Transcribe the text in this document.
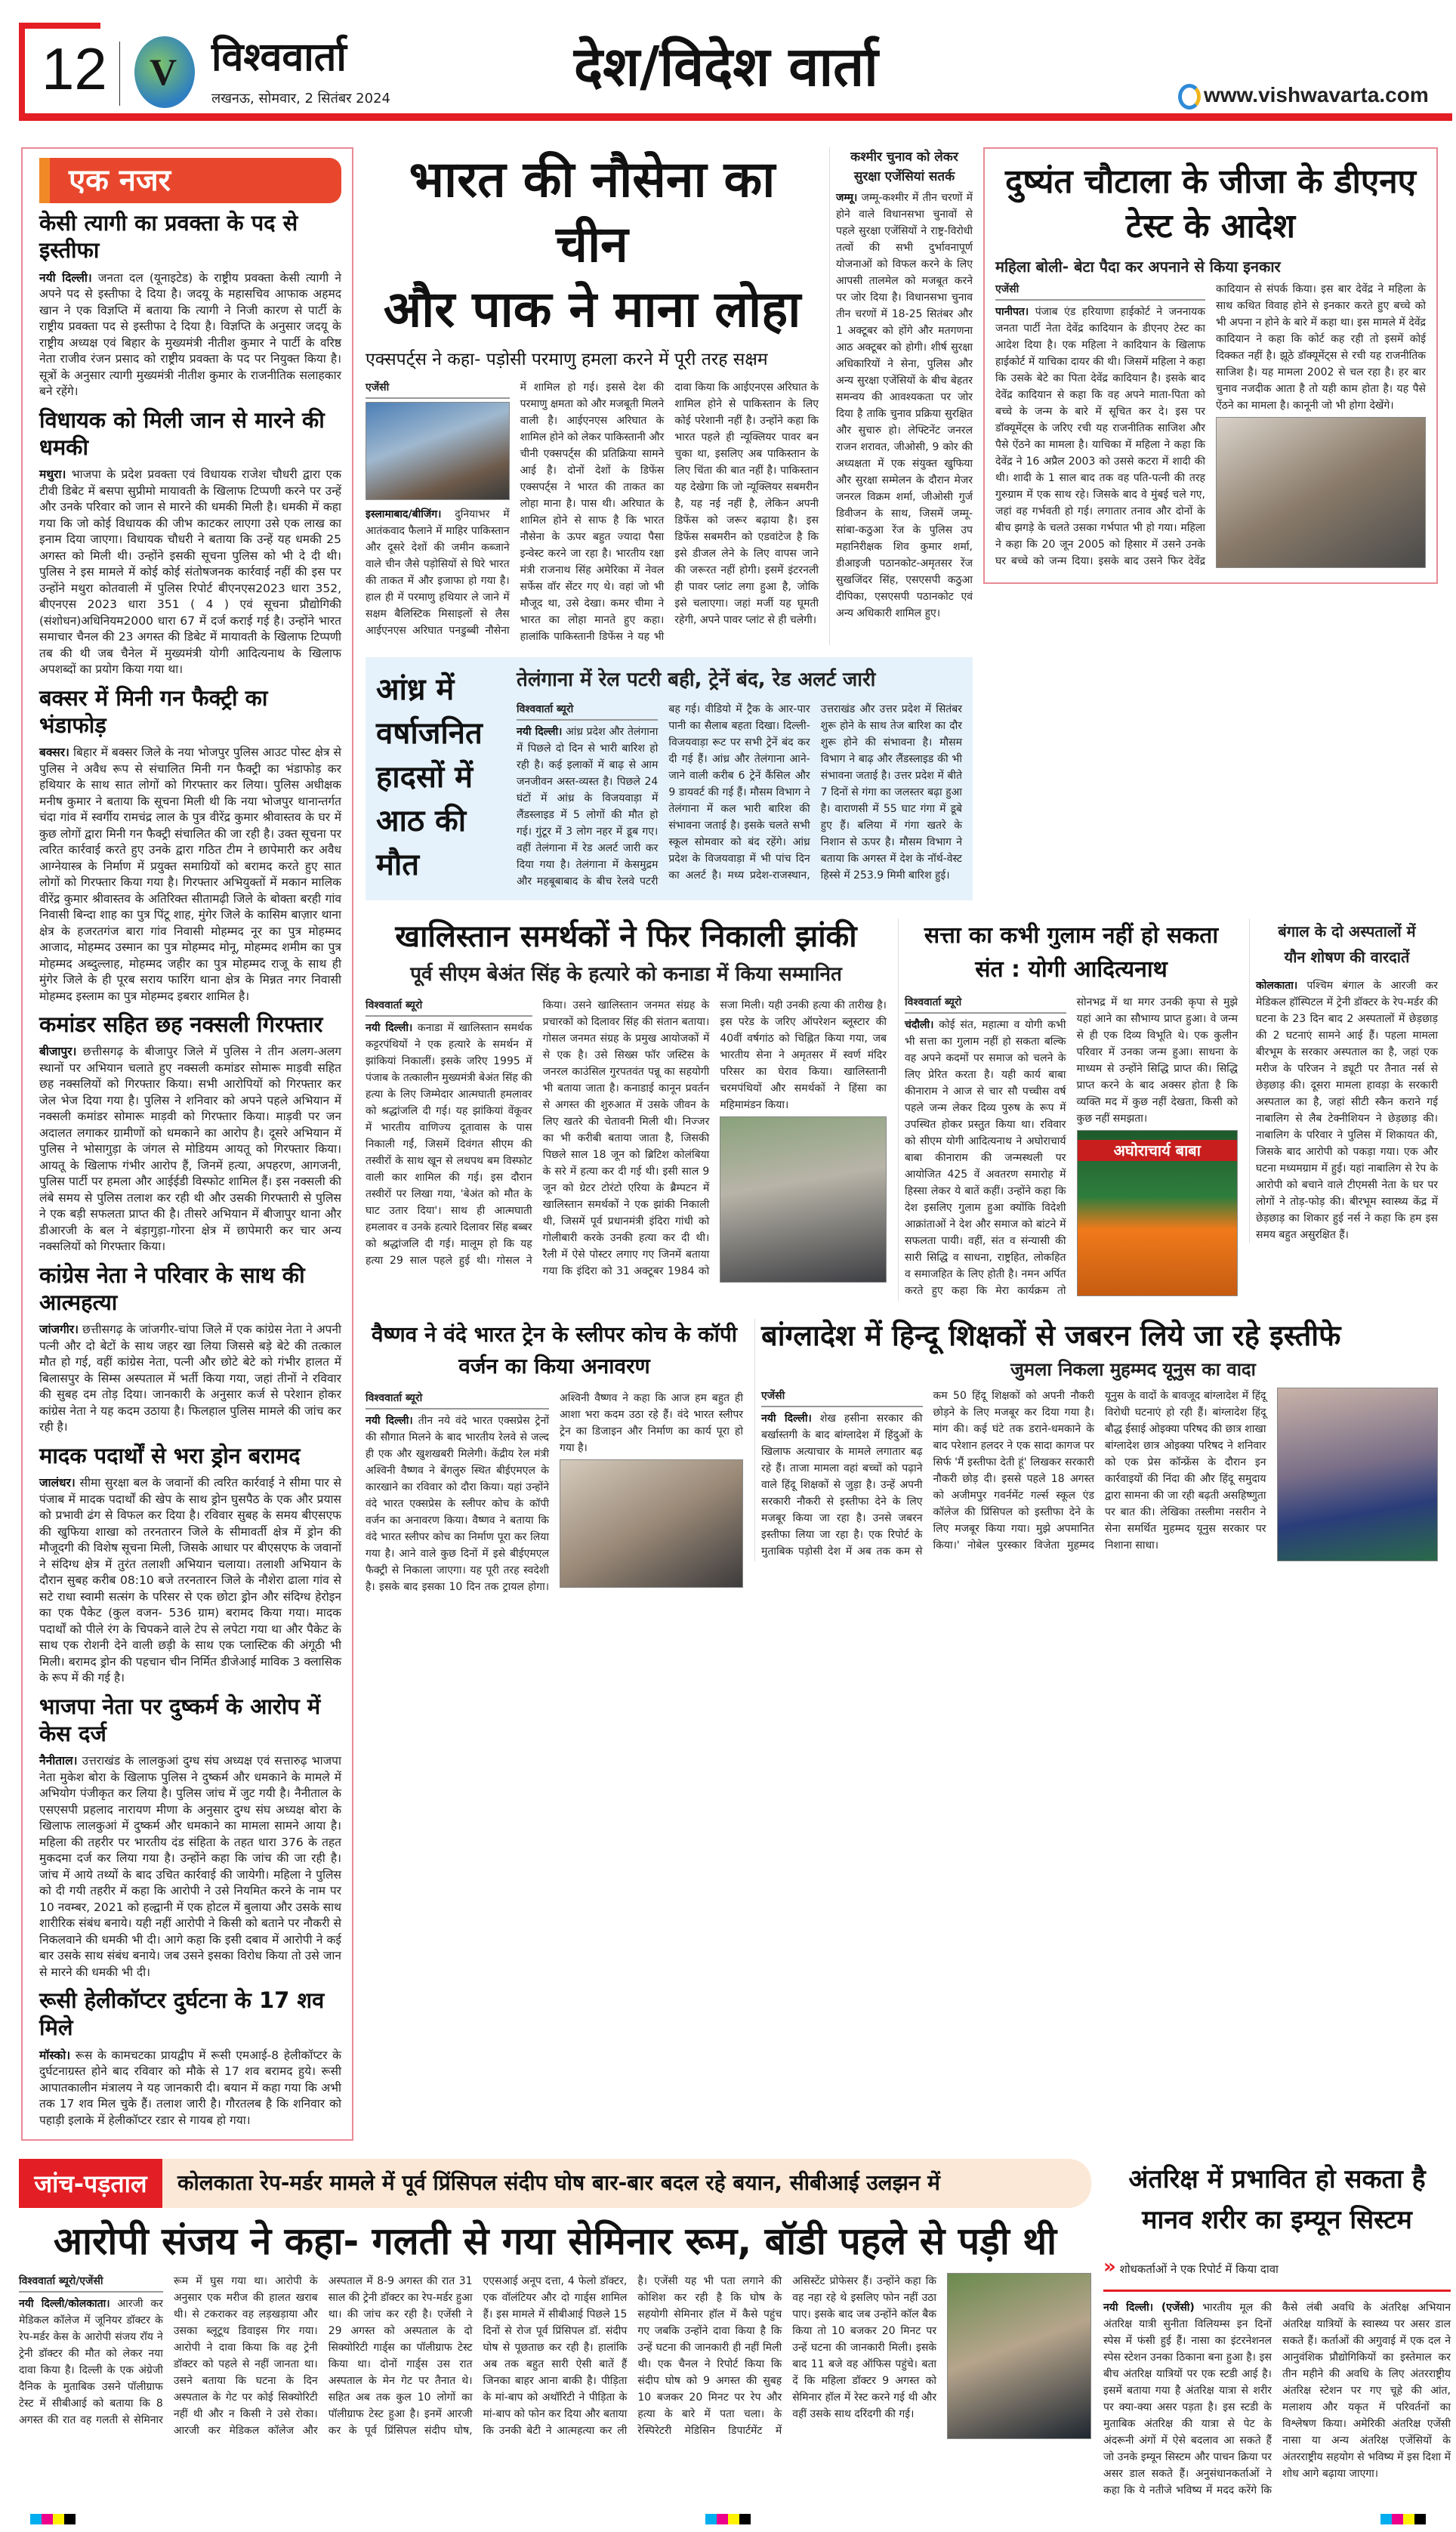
12 V विश्ववार्ता
लखनऊ, सोमवार, 2 सितंबर 2024
देश/विदेश वार्ता	www.vishwavarta.com
एक नजर
केसी त्यागी का प्रवक्ता के पद से इस्तीफा
नयी दिल्ली। जनता दल (यूनाइटेड) के राष्ट्रीय प्रवक्ता केसी त्यागी ने अपने पद से इस्तीफा दे दिया है। जदयू के महासचिव आफाक अहमद खान ने एक विज्ञप्ति में बताया कि त्यागी ने निजी कारण से पार्टी के राष्ट्रीय प्रवक्ता पद से इस्तीफा दे दिया है। विज्ञप्ति के अनुसार जदयू के राष्ट्रीय अध्यक्ष एवं बिहार के मुख्यमंत्री नीतीश कुमार ने पार्टी के वरिष्ठ नेता राजीव रंजन प्रसाद को राष्ट्रीय प्रवक्ता के पद पर नियुक्त किया है। सूत्रों के अनुसार त्यागी मुख्यमंत्री नीतीश कुमार के राजनीतिक सलाहकार बने रहेंगे।
विधायक को मिली जान से मारने की धमकी
मथुरा। भाजपा के प्रदेश प्रवक्ता एवं विधायक राजेश चौधरी द्वारा एक टीवी डिबेट में बसपा सुप्रीमो मायावती के खिलाफ टिप्पणी करने पर उन्हें और उनके परिवार को जान से मारने की धमकी मिली है। धमकी में कहा गया कि जो कोई विधायक की जीभ काटकर लाएगा उसे एक लाख का इनाम दिया जाएगा। विधायक चौधरी ने बताया कि उन्हें यह धमकी 25 अगस्त को मिली थी। उन्होंने इसकी सूचना पुलिस को भी दे दी थी। पुलिस ने इस मामले में कोई कोई संतोषजनक कार्रवाई नहीं की इस पर उन्होंने मथुरा कोतवाली में पुलिस रिपोर्ट बीएनएस2023 धारा 352, बीएनएस 2023 धारा 351 ( 4 ) एवं सूचना प्रौद्योगिकी (संशोधन)अधिनियम2000 धारा 67 में दर्ज कराई गई है। उन्होंने भारत समाचार चैनल की 23 अगस्त की डिबेट में मायावती के खिलाफ टिप्पणी तब की थी जब चैनेल में मुख्यमंत्री योगी आदित्यनाथ के खिलाफ अपशब्दों का प्रयोग किया गया था।
बक्सर में मिनी गन फैक्ट्री का भंडाफोड़
बक्सर। बिहार में बक्सर जिले के नया भोजपुर पुलिस आउट पोस्ट क्षेत्र से पुलिस ने अवैध रूप से संचालित मिनी गन फैक्ट्री का भंडाफोड़ कर हथियार के साथ सात लोगों को गिरफ्तार कर लिया। पुलिस अधीक्षक मनीष कुमार ने बताया कि सूचना मिली थी कि नया भोजपुर थानान्तर्गत चंदा गांव में स्वर्गीय रामचंद्र लाल के पुत्र वीरेंद्र कुमार श्रीवास्तव के घर में कुछ लोगों द्वारा मिनी गन फैक्ट्री संचालित की जा रही है। उक्त सूचना पर त्वरित कार्रवाई करते हुए उनके द्वारा गठित टीम ने छापेमारी कर अवैध आग्नेयास्त्र के निर्माण में प्रयुक्त समाग्रियों को बरामद करते हुए सात लोगों को गिरफ्तार किया गया है। गिरफ्तार अभियुक्तों में मकान मालिक वीरेंद्र कुमार श्रीवास्तव के अतिरिक्त सीतामढ़ी जिले के बोक्ता बरही गांव निवासी बिन्दा शाह का पुत्र पिंटू शाह, मुंगेर जिले के कासिम बाज़ार थाना क्षेत्र के हजरतगंज बारा गांव निवासी मोहम्मद नूर का पुत्र मोहम्मद आजाद, मोहम्मद उस्मान का पुत्र मोहम्मद मोनू, मोहम्मद शमीम का पुत्र मोहम्मद अब्दुल्लाह, मोहम्मद जहीर का पुत्र मोहम्मद राजू के साथ ही मुंगेर जिले के ही पूरब सराय फारिंग थाना क्षेत्र के मिन्नत नगर निवासी मोहम्मद इस्लाम का पुत्र मोहम्मद इबरार शामिल है।
कमांडर सहित छह नक्सली गिरफ्तार
बीजापुर। छत्तीसगढ़ के बीजापुर जिले में पुलिस ने तीन अलग-अलग स्थानों पर अभियान चलाते हुए नक्सली कमांडर सोमारू माड़वी सहित छह नक्सलियों को गिरफ्तार किया। सभी आरोपियों को गिरफ्तार कर जेल भेज दिया गया है। पुलिस ने शनिवार को अपने पहले अभियान में नक्सली कमांडर सोमारू माड़वी को गिरफ्तार किया। माड़वी पर जन अदालत लगाकर ग्रामीणों को धमकाने का आरोप है। दूसरे अभियान में पुलिस ने भोसागुड़ा के जंगल से मोडियम आयतू को गिरफ्तार किया। आयतू के खिलाफ गंभीर आरोप हैं, जिनमें हत्या, अपहरण, आगजनी, पुलिस पार्टी पर हमला और आईईडी विस्फोट शामिल हैं। इस नक्सली की लंबे समय से पुलिस तलाश कर रही थी और उसकी गिरफ्तारी से पुलिस ने एक बड़ी सफलता प्राप्त की है। तीसरे अभियान में बीजापुर थाना और डीआरजी के बल ने बंड़ागुड़ा-गोरना क्षेत्र में छापेमारी कर चार अन्य नक्सलियों को गिरफ्तार किया।
कांग्रेस नेता ने परिवार के साथ की आत्महत्या
जांजगीर। छत्तीसगढ़ के जांजगीर-चांपा जिले में एक कांग्रेस नेता ने अपनी पत्नी और दो बेटों के साथ जहर खा लिया जिससे बड़े बेटे की तत्काल मौत हो गई, वहीं कांग्रेस नेता, पत्नी और छोटे बेटे को गंभीर हालत में बिलासपुर के सिम्स अस्पताल में भर्ती किया गया, जहां तीनों ने रविवार की सुबह दम तोड़ दिया। जानकारी के अनुसार कर्ज से परेशान होकर कांग्रेस नेता ने यह कदम उठाया है। फिलहाल पुलिस मामले की जांच कर रही है।
मादक पदार्थों से भरा ड्रोन बरामद
जालंधर। सीमा सुरक्षा बल के जवानों की त्वरित कार्रवाई ने सीमा पार से पंजाब में मादक पदार्थों की खेप के साथ ड्रोन घुसपैठ के एक और प्रयास को प्रभावी ढंग से विफल कर दिया है। रविवार सुबह के समय बीएसएफ की खुफिया शाखा को तरनतारन जिले के सीमावर्ती क्षेत्र में ड्रोन की मौजूदगी की विशेष सूचना मिली, जिसके आधार पर बीएसएफ के जवानों ने संदिग्ध क्षेत्र में तुरंत तलाशी अभियान चलाया। तलाशी अभियान के दौरान सुबह करीब 08:10 बजे तरनतारन जिले के नौशेरा ढाला गांव से सटे राधा स्वामी सत्संग के परिसर से एक छोटा ड्रोन और संदिग्ध हेरोइन का एक पैकेट (कुल वजन- 536 ग्राम) बरामद किया गया। मादक पदार्थों को पीले रंग के चिपकने वाले टेप से लपेटा गया था और पैकेट के साथ एक रोशनी देने वाली छड़ी के साथ एक प्लास्टिक की अंगूठी भी मिली। बरामद ड्रोन की पहचान चीन निर्मित डीजेआई माविक 3 क्लासिक के रूप में की गई है।
भाजपा नेता पर दुष्कर्म के आरोप में केस दर्ज
नैनीताल। उत्तराखंड के लालकुआं दुग्ध संघ अध्यक्ष एवं सत्तारुढ़ भाजपा नेता मुकेश बोरा के खिलाफ पुलिस ने दुष्कर्म और धमकाने के मामले में अभियोग पंजीकृत कर लिया है। पुलिस जांच में जुट गयी है। नैनीताल के एसएसपी प्रहलाद नारायण मीणा के अनुसार दुग्ध संघ अध्यक्ष बोरा के खिलाफ लालकुआं में दुष्कर्म और धमकाने का मामला सामने आया है। महिला की तहरीर पर भारतीय दंड संहिता के तहत धारा 376 के तहत मुकदमा दर्ज कर लिया गया है। उन्होंने कहा कि जांच की जा रही है। जांच में आये तथ्यों के बाद उचित कार्रवाई की जायेगी। महिला ने पुलिस को दी गयी तहरीर में कहा कि आरोपी ने उसे नियमित करने के नाम पर 10 नवम्बर, 2021 को हल्द्वानी में एक होटल में बुलाया और उसके साथ शारीरिक संबंध बनाये। यही नहीं आरोपी ने किसी को बताने पर नौकरी से निकलवाने की धमकी भी दी। आगे कहा कि इसी दबाव में आरोपी ने कई बार उसके साथ संबंध बनाये। जब उसने इसका विरोध किया तो उसे जान से मारने की धमकी भी दी।
रूसी हेलीकॉप्टर दुर्घटना के 17 शव मिले
मॉस्को। रूस के कामचटका प्रायद्वीप में रूसी एमआई-8 हेलीकॉप्टर के दुर्घटनाग्रस्त होने बाद रविवार को मौके से 17 शव बरामद हुये। रूसी आपातकालीन मंत्रालय ने यह जानकारी दी। बयान में कहा गया कि अभी तक 17 शव मिल चुके हैं। तलाश जारी है। गौरतलब है कि शनिवार को पहाड़ी इलाके में हेलीकॉप्टर रडार से गायब हो गया।
भारत की नौसेना का चीन
और पाक ने माना लोहा
एक्सपर्ट्स ने कहा- पड़ोसी परमाणु हमला करने में पूरी तरह सक्षम
एजेंसी

इस्लामाबाद/बीजिंग। दुनियाभर में आतंकवाद फैलाने में माहिर पाकिस्तान और दूसरे देशों की जमीन कब्जाने वाले चीन जैसे पड़ोसियों से घिरे भारत की ताकत में और इजाफा हो गया है। हाल ही में परमाणु हथियार ले जाने में सक्षम बैलिस्टिक मिसाइलों से लैस आईएनएस अरिघात पनडुब्बी नौसेना में शामिल हो गई। इससे देश की परमाणु क्षमता को और मजबूती मिलने वाली है। आईएनएस अरिघात के शामिल होने को लेकर पाकिस्तानी और चीनी एक्सपर्ट्स की प्रतिक्रिया सामने आई है। दोनों देशों के डिफेंस एक्सपर्ट्स ने भारत की ताकत का लोहा माना है। पास थी। अरिघात के शामिल होने से साफ है कि भारत नौसेना के ऊपर बहुत ज्यादा पैसा इन्वेस्ट करने जा रहा है। भारतीय रक्षा मंत्री राजनाथ सिंह अमेरिका में नेवल सर्फेस वॉर सेंटर गए थे। वहां जो भी मौजूद था, उसे देखा। कमर चीमा ने भारत का लोहा मानते हुए कहा। हालांकि पाकिस्तानी डिफेंस ने यह भी दावा किया कि आईएनएस अरिघात के शामिल होने से पाकिस्तान के लिए कोई परेशानी नहीं है। उन्होंने कहा कि भारत पहले ही न्यूक्लियर पावर बन चुका था, इसलिए अब पाकिस्तान के लिए चिंता की बात नहीं है। पाकिस्तान यह देखेगा कि जो न्यूक्लियर सबमरीन है, यह नई नहीं है, लेकिन अपनी डिफेंस को जरूर बढ़ाया है। इस डिफेंस सबमरीन को एडवांटेज है कि इसे डीजल लेने के लिए वापस जाने की जरूरत नहीं होगी। इसमें इंटरनली ही पावर प्लांट लगा हुआ है, जोकि इसे चलाएगा। जहां मर्जी यह घूमती रहेगी, अपने पावर प्लांट से ही चलेगी।

कश्मीर चुनाव को लेकर
सुरक्षा एजेंसियां सतर्क
जम्मू। जम्मू-कश्मीर में तीन चरणों में होने वाले विधानसभा चुनावों से पहले सुरक्षा एजेंसियों ने राष्ट्र-विरोधी तत्वों की सभी दुर्भावनापूर्ण योजनाओं को विफल करने के लिए आपसी तालमेल को मजबूत करने पर जोर दिया है। विधानसभा चुनाव तीन चरणों में 18-25 सितंबर और 1 अक्टूबर को होंगे और मतगणना आठ अक्टूबर को होगी। शीर्ष सुरक्षा अधिकारियों ने सेना, पुलिस और अन्य सुरक्षा एजेंसियों के बीच बेहतर समन्वय की आवश्यकता पर जोर दिया है ताकि चुनाव प्रक्रिया सुरक्षित और सुचारु हो। लेफ्टिनेंट जनरल राजन शरावत, जीओसी, 9 कोर की अध्यक्षता में एक संयुक्त खुफिया और सुरक्षा सम्मेलन के दौरान मेजर जनरल विक्रम शर्मा, जीओसी गुर्ज डिवीजन के साथ, जिसमें जम्मू-सांबा-कठुआ रेंज के पुलिस उप महानिरीक्षक शिव कुमार शर्मा, डीआइजी पठानकोट-अमृतसर रेंज सुखजिंदर सिंह, एसएसपी कठुआ दीपिका, एसएसपी पठानकोट एवं अन्य अधिकारी शामिल हुए।
दुष्यंत चौटाला के जीजा के डीएनए टेस्ट के आदेश
महिला बोली- बेटा पैदा कर अपनाने से किया इनकार
एजेंसी

पानीपत। पंजाब एंड हरियाणा हाईकोर्ट ने जननायक जनता पार्टी नेता देवेंद्र कादियान के डीएनए टेस्ट का आदेश दिया है। एक महिला ने कादियान के खिलाफ हाईकोर्ट में याचिका दायर की थी। जिसमें महिला ने कहा कि उसके बेटे का पिता देवेंद्र कादियान है। इसके बाद देवेंद्र कादियान से कहा कि वह अपने माता-पिता को बच्चे के जन्म के बारे में सूचित कर दे। इस पर डॉक्यूमेंट्स के जरिए रची यह राजनीतिक साजिश और पैसे ऐंठने का मामला है। याचिका में महिला ने कहा कि देवेंद्र ने 16 अप्रैल 2003 को उससे कटरा में शादी की थी। शादी के 1 साल बाद तक वह पति-पत्नी की तरह गुरुग्राम में एक साथ रहे। जिसके बाद वे मुंबई चले गए, जहां वह गर्भवती हो गई। लगातार तनाव और दोनों के बीच झगड़े के चलते उसका गर्भपात भी हो गया। महिला ने कहा कि 20 जून 2005 को हिसार में उसने उनके घर बच्चे को जन्म दिया। इसके बाद उसने फिर देवेंद्र कादियान से संपर्क किया। इस बार देवेंद्र ने महिला के साथ कथित विवाह होने से इनकार करते हुए बच्चे को भी अपना न होने के बारे में कहा था। इस मामले में देवेंद्र कादियान ने कहा कि कोर्ट कह रही तो इसमें कोई दिक्कत नहीं है। झूठे डॉक्यूमेंट्स से रची यह राजनीतिक साजिश है। यह मामला 2002 से चल रहा है। हर बार चुनाव नजदीक आता है तो यही काम होता है। यह पैसे ऐंठने का मामला है। कानूनी जो भी होगा देखेंगे।

आंध्र में वर्षाजनित हादसों में आठ की मौत
तेलंगाना में रेल पटरी बही, ट्रेनें बंद, रेड अलर्ट जारी
विश्ववार्ता ब्यूरो

नयी दिल्ली। आंध्र प्रदेश और तेलंगाना में पिछले दो दिन से भारी बारिश हो रही है। कई इलाकों में बाढ़ से आम जनजीवन अस्त-व्यस्त है। पिछले 24 घंटों में आंध्र के विजयवाड़ा में लैंडस्लाइड में 5 लोगों की मौत हो गई। गुंटूर में 3 लोग नहर में डूब गए। वहीं तेलंगाना में रेड अलर्ट जारी कर दिया गया है। तेलंगाना में केसमुद्रम और महबूबाबाद के बीच रेलवे पटरी बह गई। वीडियो में ट्रैक के आर-पार पानी का सैलाब बहता दिखा। दिल्ली-विजयवाड़ा रूट पर सभी ट्रेनें बंद कर दी गई हैं। आंध्र और तेलंगाना आने-जाने वाली करीब 6 ट्रेनें कैंसिल और 9 डायवर्ट की गई हैं। मौसम विभाग ने तेलंगाना में कल भारी बारिश की संभावना जताई है। इसके चलते सभी स्कूल सोमवार को बंद रहेंगे। आंध्र प्रदेश के विजयवाड़ा में भी पांच दिन का अलर्ट है। मध्य प्रदेश-राजस्थान, उत्तराखंड और उत्तर प्रदेश में सितंबर शुरू होने के साथ तेज बारिश का दौर शुरू होने की संभावना है। मौसम विभाग ने बाढ़ और लैंडस्लाइड की भी संभावना जताई है। उत्तर प्रदेश में बीते 7 दिनों से गंगा का जलस्तर बढ़ा हुआ है। वाराणसी में 55 घाट गंगा में डूबे हुए हैं। बलिया में गंगा खतरे के निशान से ऊपर है। मौसम विभाग ने बताया कि अगस्त में देश के नॉर्थ-वेस्ट हिस्से में 253.9 मिमी बारिश हुई।

खालिस्तान समर्थकों ने फिर निकाली झांकी
पूर्व सीएम बेअंत सिंह के हत्यारे को कनाडा में किया सम्मानित
विश्ववार्ता ब्यूरो

नयी दिल्ली। कनाडा में खालिस्तान समर्थक कट्टरपंथियों ने एक हत्यारे के समर्थन में झांकियां निकालीं। इसके जरिए 1995 में पंजाब के तत्कालीन मुख्यमंत्री बेअंत सिंह की हत्या के लिए जिम्मेदार आत्मघाती हमलावर को श्रद्धांजलि दी गई। यह झांकियां वेंकूवर में भारतीय वाणिज्य दूतावास के पास निकाली गईं, जिसमें दिवंगत सीएम की तस्वीरों के साथ खून से लथपथ बम विस्फोट वाली कार शामिल की गई। इस दौरान तस्वीरों पर लिखा गया, 'बेअंत को मौत के घाट उतार दिया'। साथ ही आत्मघाती हमलावर व उनके हत्यारे दिलावर सिंह बब्बर को श्रद्धांजलि दी गई। मालूम हो कि यह हत्या 29 साल पहले हुई थी। गोसल ने किया। उसने खालिस्तान जनमत संग्रह के प्रचारकों को दिलावर सिंह की संतान बताया। गोसल जनमत संग्रह के प्रमुख आयोजकों में से एक है। उसे सिख्स फॉर जस्टिस के जनरल काउंसिल गुरपतवंत पन्नू का सहयोगी भी बताया जाता है। कनाडाई कानून प्रवर्तन से अगस्त की शुरुआत में उसके जीवन के लिए खतरे की चेतावनी मिली थी। निज्जर का भी करीबी बताया जाता है, जिसकी पिछले साल 18 जून को ब्रिटिश कोलंबिया के सरे में हत्या कर दी गई थी। इसी साल 9 जून को ग्रेटर टोरंटो एरिया के ब्रैम्पटन में खालिस्तान समर्थकों ने एक झांकी निकाली थी, जिसमें पूर्व प्रधानमंत्री इंदिरा गांधी को गोलीबारी करके उनकी हत्या कर दी थी। रैली में ऐसे पोस्टर लगाए गए जिनमें बताया गया कि इंदिरा को 31 अक्टूबर 1984 को सजा मिली। यही उनकी हत्या की तारीख है। इस परेड के जरिए ऑपरेशन ब्लूस्टार की 40वीं वर्षगांठ को चिह्नित किया गया, जब भारतीय सेना ने अमृतसर में स्वर्ण मंदिर परिसर का घेराव किया। खालिस्तानी चरमपंथियों और समर्थकों ने हिंसा का महिमामंडन किया।

सत्ता का कभी गुलाम नहीं हो सकता
संत : योगी आदित्यनाथ
विश्ववार्ता ब्यूरो

चंदौली। कोई संत, महात्मा व योगी कभी भी सत्ता का गुलाम नहीं हो सकता बल्कि वह अपने कदमों पर समाज को चलने के लिए प्रेरित करता है। यही कार्य बाबा कीनाराम ने आज से चार सौ पच्चीस वर्ष पहले जन्म लेकर दिव्य पुरुष के रूप में उपस्थित होकर प्रस्तुत किया था। रविवार को सीएम योगी आदित्यनाथ ने अघोराचार्य बाबा कीनाराम की जन्मस्थली पर आयोजित 425 वें अवतरण समारोह में हिस्सा लेकर ये बातें कहीं। उन्होंने कहा कि देश इसलिए गुलाम हुआ क्योंकि विदेशी आक्रांताओं ने देश और समाज को बांटने में सफलता पायी। वहीं, संत व संन्यासी की सारी सिद्धि व साधना, राष्ट्रहित, लोकहित व समाजहित के लिए होती है। नमन अर्पित करते हुए कहा कि मेरा कार्यक्रम तो सोनभद्र में था मगर उनकी कृपा से मुझे यहां आने का सौभाग्य प्राप्त हुआ। वे जन्म से ही एक दिव्य विभूति थे। एक कुलीन परिवार में उनका जन्म हुआ। साधना के माध्यम से उन्होंने सिद्धि प्राप्त की। सिद्धि प्राप्त करने के बाद अक्सर होता है कि व्यक्ति मद में कुछ नहीं देखता, किसी को कुछ नहीं समझता।

अघोराचार्य बाबा
बंगाल के दो अस्पतालों में
यौन शोषण की वारदातें
कोलकाता। पश्चिम बंगाल के आरजी कर मेडिकल हॉस्पिटल में ट्रेनी डॉक्टर के रेप-मर्डर की घटना के 23 दिन बाद 2 अस्पतालों में छेड़छाड़ की 2 घटनाएं सामने आई हैं। पहला मामला बीरभूम के सरकार अस्पताल का है, जहां एक मरीज के परिजन ने ड्यूटी पर तैनात नर्स से छेड़छाड़ की। दूसरा मामला हावड़ा के सरकारी अस्पताल का है, जहां सीटी स्कैन कराने गई नाबालिग से लैब टेक्नीशियन ने छेड़छाड़ की। नाबालिग के परिवार ने पुलिस में शिकायत की, जिसके बाद आरोपी को पकड़ा गया। एक और घटना मध्यमग्राम में हुई। यहां नाबालिग से रेप के आरोपी को बचाने वाले टीएमसी नेता के घर पर लोगों ने तोड़-फोड़ की। बीरभूम स्वास्थ्य केंद्र में छेड़छाड़ का शिकार हुई नर्स ने कहा कि हम इस समय बहुत असुरक्षित हैं।
वैष्णव ने वंदे भारत ट्रेन के स्लीपर कोच के कॉपी वर्जन का किया अनावरण
विश्ववार्ता ब्यूरो

नयी दिल्ली। तीन नये वंदे भारत एक्सप्रेस ट्रेनों की सौगात मिलने के बाद भारतीय रेलवे से जल्द ही एक और खुशखबरी मिलेगी। केंद्रीय रेल मंत्री अश्विनी वैष्णव ने बेंगलुरु स्थित बीईएमएल के कारखाने का रविवार को दौरा किया। यहां उन्होंने वंदे भारत एक्सप्रेस के स्लीपर कोच के कॉपी वर्जन का अनावरण किया। वैष्णव ने बताया कि वंदे भारत स्लीपर कोच का निर्माण पूरा कर लिया गया है। आने वाले कुछ दिनों में इसे बीईएमएल फैक्ट्री से निकाला जाएगा। यह पूरी तरह स्वदेशी है। इसके बाद इसका 10 दिन तक ट्रायल होगा। अश्विनी वैष्णव ने कहा कि आज हम बहुत ही आशा भरा कदम उठा रहे हैं। वंदे भारत स्लीपर ट्रेन का डिजाइन और निर्माण का कार्य पूरा हो गया है।

बांग्लादेश में हिन्दू शिक्षकों से जबरन लिये जा रहे इस्तीफे
जुमला निकला मुहम्मद यूनुस का वादा
एजेंसी

नयी दिल्ली। शेख हसीना सरकार की बर्खास्तगी के बाद बांग्लादेश में हिंदुओं के खिलाफ अत्याचार के मामले लगातार बढ़ रहे हैं। ताजा मामला वहां बच्चों को पढ़ाने वाले हिंदू शिक्षकों से जुड़ा है। उन्हें अपनी सरकारी नौकरी से इस्तीफा देने के लिए मजबूर किया जा रहा है। उनसे जबरन इस्तीफा लिया जा रहा है। एक रिपोर्ट के मुताबिक पड़ोसी देश में अब तक कम से कम 50 हिंदू शिक्षकों को अपनी नौकरी छोड़ने के लिए मजबूर कर दिया गया है। मांग की। कई घंटे तक डराने-धमकाने के बाद परेशान हलदर ने एक सादा कागज पर सिर्फ 'मैं इस्तीफा देती हूं' लिखकर सरकारी नौकरी छोड़ दी। इससे पहले 18 अगस्त को अजीमपुर गवर्नमेंट गर्ल्स स्कूल एंड कॉलेज की प्रिंसिपल को इस्तीफा देने के लिए मजबूर किया गया। मुझे अपमानित किया।' नोबेल पुरस्कार विजेता मुहम्मद यूनुस के वादों के बावजूद बांग्लादेश में हिंदू विरोधी घटनाएं हो रही हैं। बांग्लादेश हिंदू बौद्ध ईसाई ओइक्या परिषद की छात्र शाखा बांग्लादेश छात्र ओइक्या परिषद ने शनिवार को एक प्रेस कॉन्फ्रेंस के दौरान इन कार्रवाइयों की निंदा की और हिंदू समुदाय द्वारा सामना की जा रही बढ़ती असहिष्णुता पर बात की। लेखिका तस्लीमा नसरीन ने सेना समर्थित मुहम्मद यूनुस सरकार पर निशाना साधा।

जांच-पड़ताल	कोलकाता रेप-मर्डर मामले में पूर्व प्रिंसिपल संदीप घोष बार-बार बदल रहे बयान, सीबीआई उलझन में
आरोपी संजय ने कहा- गलती से गया सेमिनार रूम, बॉडी पहले से पड़ी थी
विश्ववार्ता ब्यूरो/एजेंसी

नयी दिल्ली/कोलकाता। आरजी कर मेडिकल कॉलेज में जूनियर डॉक्टर के रेप-मर्डर केस के आरोपी संजय रॉय ने ट्रेनी डॉक्टर की मौत को लेकर नया दावा किया है। दिल्ली के एक अंग्रेजी दैनिक के मुताबिक उसने पॉलीग्राफ टेस्ट में सीबीआई को बताया कि 8 अगस्त की रात वह गलती से सेमिनार रूम में घुस गया था। आरोपी के अनुसार एक मरीज की हालत खराब थी। से टकराकर वह लड़खड़ाया और उसका ब्लूटूथ डिवाइस गिर गया। आरोपी ने दावा किया कि वह ट्रेनी डॉक्टर को पहले से नहीं जानता था। उसने बताया कि घटना के दिन अस्पताल के गेट पर कोई सिक्योरिटी नहीं थी और न किसी ने उसे रोका। आरजी कर मेडिकल कॉलेज और अस्पताल में 8-9 अगस्त की रात 31 साल की ट्रेनी डॉक्टर का रेप-मर्डर हुआ था। की जांच कर रही है। एजेंसी ने 29 अगस्त को अस्पताल के दो सिक्योरिटी गार्ड्स का पॉलीग्राफ टेस्ट किया था। दोनों गार्ड्स उस रात अस्पताल के मेन गेट पर तैनात थे। सहित अब तक कुल 10 लोगों का पॉलीग्राफ टेस्ट हुआ है। इनमें आरजी कर के पूर्व प्रिंसिपल संदीप घोष, एएसआई अनूप दत्ता, 4 फेलो डॉक्टर, एक वॉलंटियर और दो गार्ड्स शामिल हैं। इस मामले में सीबीआई पिछले 15 दिनों से रोज पूर्व प्रिंसिपल डॉ. संदीप घोष से पूछताछ कर रही है। हालांकि अब तक बहुत सारी ऐसी बातें हैं जिनका बाहर आना बाकी है। पीड़िता के मां-बाप को अथॉरिटी ने पीड़िता के मां-बाप को फोन कर दिया और बताया कि उनकी बेटी ने आत्महत्या कर ली है। एजेंसी यह भी पता लगाने की कोशिश कर रही है कि घोष के सहयोगी सेमिनार हॉल में कैसे पहुंच गए जबकि उन्होंने दावा किया है कि उन्हें घटना की जानकारी ही नहीं मिली थी। एक चैनल ने रिपोर्ट किया कि संदीप घोष को 9 अगस्त की सुबह 10 बजकर 20 मिनट पर रेप और हत्या के बारे में पता चला। के रेस्पिरेटरी मेडिसिन डिपार्टमेंट में असिस्टेंट प्रोफेसर हैं। उन्होंने कहा कि वह नहा रहे थे इसलिए फोन नहीं उठा पाए। इसके बाद जब उन्होंने कॉल बैक किया तो 10 बजकर 20 मिनट पर उन्हें घटना की जानकारी मिली। इसके बाद 11 बजे वह ऑफिस पहुंचे। बता दें कि महिला डॉक्टर 9 अगस्त को सेमिनार हॉल में रेस्ट करने गई थी और वहीं उसके साथ दरिंदगी की गई।

अंतरिक्ष में प्रभावित हो सकता है मानव शरीर का इम्यून सिस्टम
» शोधकर्ताओं ने एक रिपोर्ट में किया दावा

नयी दिल्ली। (एजेंसी) भारतीय मूल की अंतरिक्ष यात्री सुनीता विलियम्स इन दिनों स्पेस में फंसी हुई हैं। नासा का इंटरनेशनल स्पेस स्टेशन उनका ठिकाना बना हुआ है। इस बीच अंतरिक्ष यात्रियों पर एक स्टडी आई है। इसमें बताया गया है अंतरिक्ष यात्रा से शरीर पर क्या-क्या असर पड़ता है। इस स्टडी के मुताबिक अंतरिक्ष की यात्रा से पेट के अंदरूनी अंगों में ऐसे बदलाव आ सकते हैं जो उनके इम्यून सिस्टम और पाचन क्रिया पर असर डाल सकते हैं। अनुसंधानकर्ताओं ने कहा कि ये नतीजे भविष्य में मदद करेंगे कि कैसे लंबी अवधि के अंतरिक्ष अभियान अंतरिक्ष यात्रियों के स्वास्थ्य पर असर डाल सकते हैं। कर्ताओं की अगुवाई में एक दल ने आनुवंशिक प्रौद्योगिकियों का इस्तेमाल कर तीन महीने की अवधि के लिए अंतरराष्ट्रीय अंतरिक्ष स्टेशन पर गए चूहे की आंत, मलाशय और यकृत में परिवर्तनों का विश्लेषण किया। अमेरिकी अंतरिक्ष एजेंसी नासा या अन्य अंतरिक्ष एजेंसियों के अंतरराष्ट्रीय सहयोग से भविष्य में इस दिशा में शोध आगे बढ़ाया जाएगा।
